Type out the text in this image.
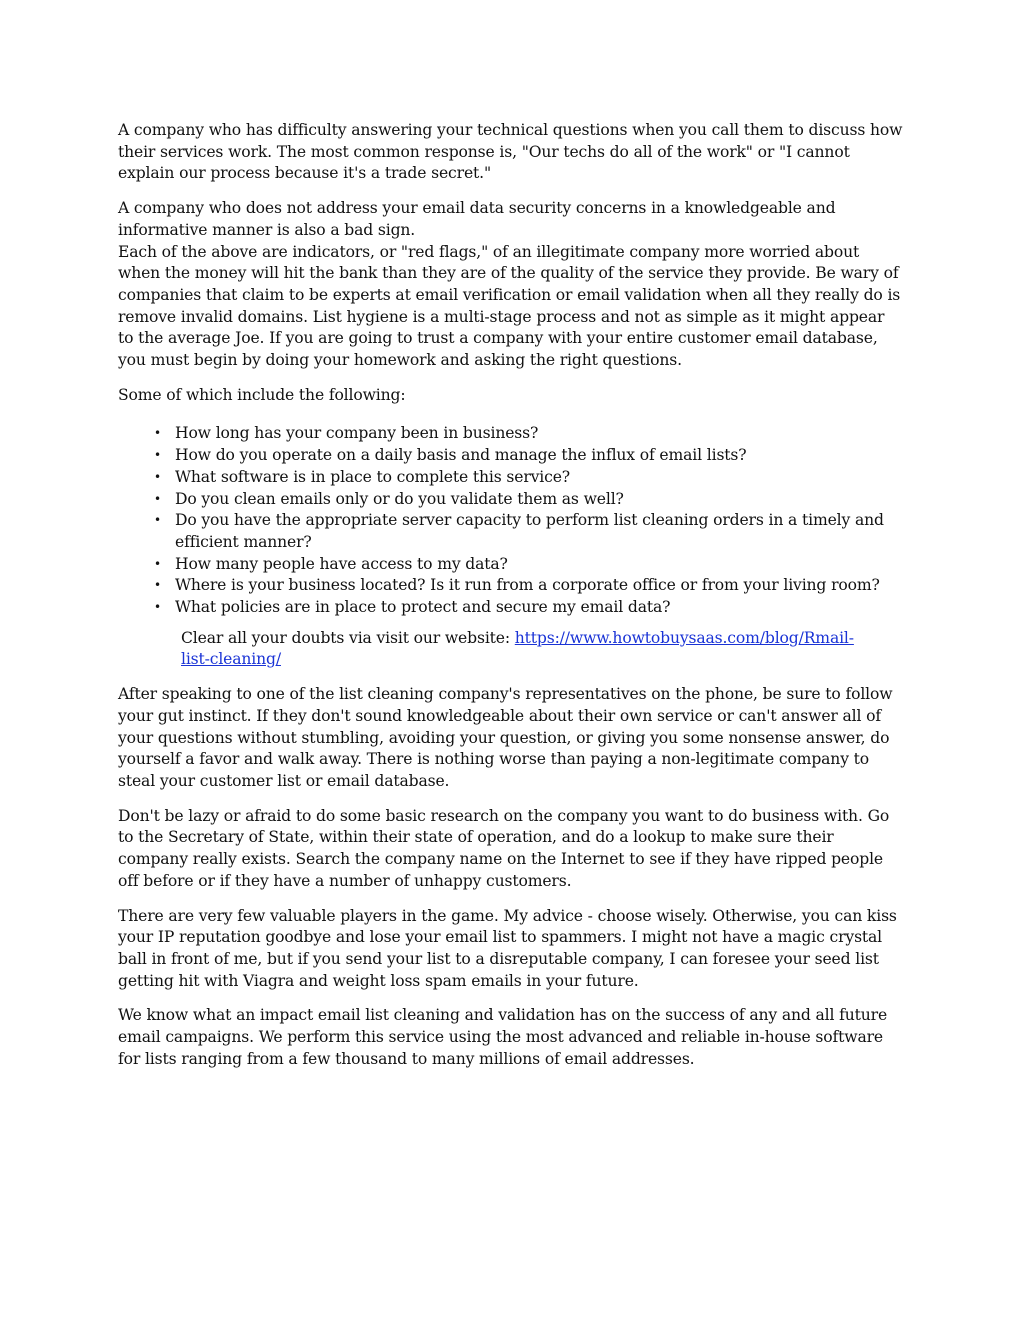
A company who has difficulty answering your technical questions when you call them to discuss how their services work. The most common response is, "Our techs do all of the work" or "I cannot explain our process because it's a trade secret."

A company who does not address your email data security concerns in a knowledgeable and informative manner is also a bad sign.

Each of the above are indicators, or "red flags," of an illegitimate company more worried about when the money will hit the bank than they are of the quality of the service they provide. Be wary of companies that claim to be experts at email verification or email validation when all they really do is remove invalid domains. List hygiene is a multi-stage process and not as simple as it might appear to the average Joe. If you are going to trust a company with your entire customer email database, you must begin by doing your homework and asking the right questions.

Some of which include the following:

• How long has your company been in business?
• How do you operate on a daily basis and manage the influx of email lists?
• What software is in place to complete this service?
• Do you clean emails only or do you validate them as well?
• Do you have the appropriate server capacity to perform list cleaning orders in a timely and efficient manner?
• How many people have access to my data?
• Where is your business located? Is it run from a corporate office or from your living room?
• What policies are in place to protect and secure my email data?

Clear all your doubts via visit our website: https://www.howtobuysaas.com/blog/Rmail-list-cleaning/

After speaking to one of the list cleaning company's representatives on the phone, be sure to follow your gut instinct. If they don't sound knowledgeable about their own service or can't answer all of your questions without stumbling, avoiding your question, or giving you some nonsense answer, do yourself a favor and walk away. There is nothing worse than paying a non-legitimate company to steal your customer list or email database.

Don't be lazy or afraid to do some basic research on the company you want to do business with. Go to the Secretary of State, within their state of operation, and do a lookup to make sure their company really exists. Search the company name on the Internet to see if they have ripped people off before or if they have a number of unhappy customers.

There are very few valuable players in the game. My advice - choose wisely. Otherwise, you can kiss your IP reputation goodbye and lose your email list to spammers. I might not have a magic crystal ball in front of me, but if you send your list to a disreputable company, I can foresee your seed list getting hit with Viagra and weight loss spam emails in your future.

We know what an impact email list cleaning and validation has on the success of any and all future email campaigns. We perform this service using the most advanced and reliable in-house software for lists ranging from a few thousand to many millions of email addresses.
